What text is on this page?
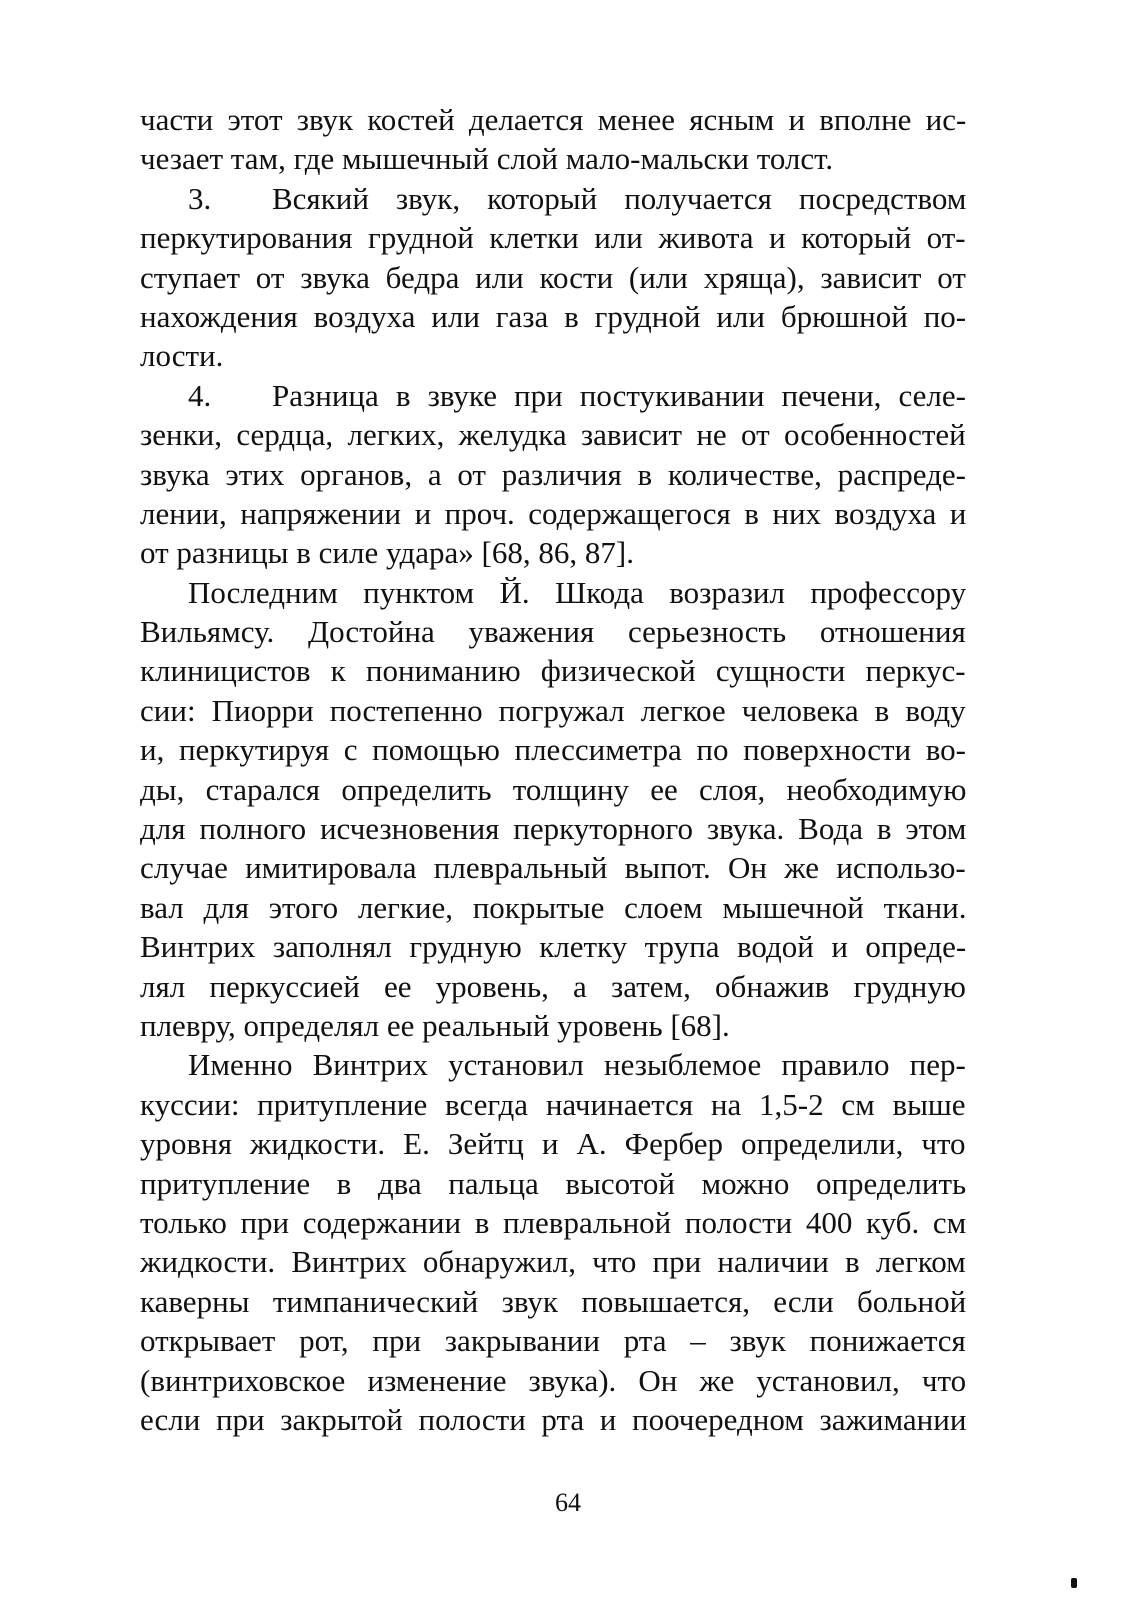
части этот звук костей делается менее ясным и вполне ис-
чезает там, где мышечный слой мало-мальски толст.
3. Всякий звук, который получается посредством
перкутирования грудной клетки или живота и который от-
ступает от звука бедра или кости (или хряща), зависит от
нахождения воздуха или газа в грудной или брюшной по-
лости.
4. Разница в звуке при постукивании печени, селе-
зенки, сердца, легких, желудка зависит не от особенностей
звука этих органов, а от различия в количестве, распреде-
лении, напряжении и проч. содержащегося в них воздуха и
от разницы в силе удара» [68, 86, 87].
Последним пунктом Й. Шкода возразил профессору
Вильямсу. Достойна уважения серьезность отношения
клиницистов к пониманию физической сущности перкус-
сии: Пиорри постепенно погружал легкое человека в воду
и, перкутируя с помощью плессиметра по поверхности во-
ды, старался определить толщину ее слоя, необходимую
для полного исчезновения перкуторного звука. Вода в этом
случае имитировала плевральный выпот. Он же использо-
вал для этого легкие, покрытые слоем мышечной ткани.
Винтрих заполнял грудную клетку трупа водой и опреде-
лял перкуссией ее уровень, а затем, обнажив грудную
плевру, определял ее реальный уровень [68].
Именно Винтрих установил незыблемое правило пер-
куссии: притупление всегда начинается на 1,5-2 см выше
уровня жидкости. Е. Зейтц и А. Фербер определили, что
притупление в два пальца высотой можно определить
только при содержании в плевральной полости 400 куб. см
жидкости. Винтрих обнаружил, что при наличии в легком
каверны тимпанический звук повышается, если больной
открывает рот, при закрывании рта – звук понижается
(винтриховское изменение звука). Он же установил, что
если при закрытой полости рта и поочередном зажимании
64
